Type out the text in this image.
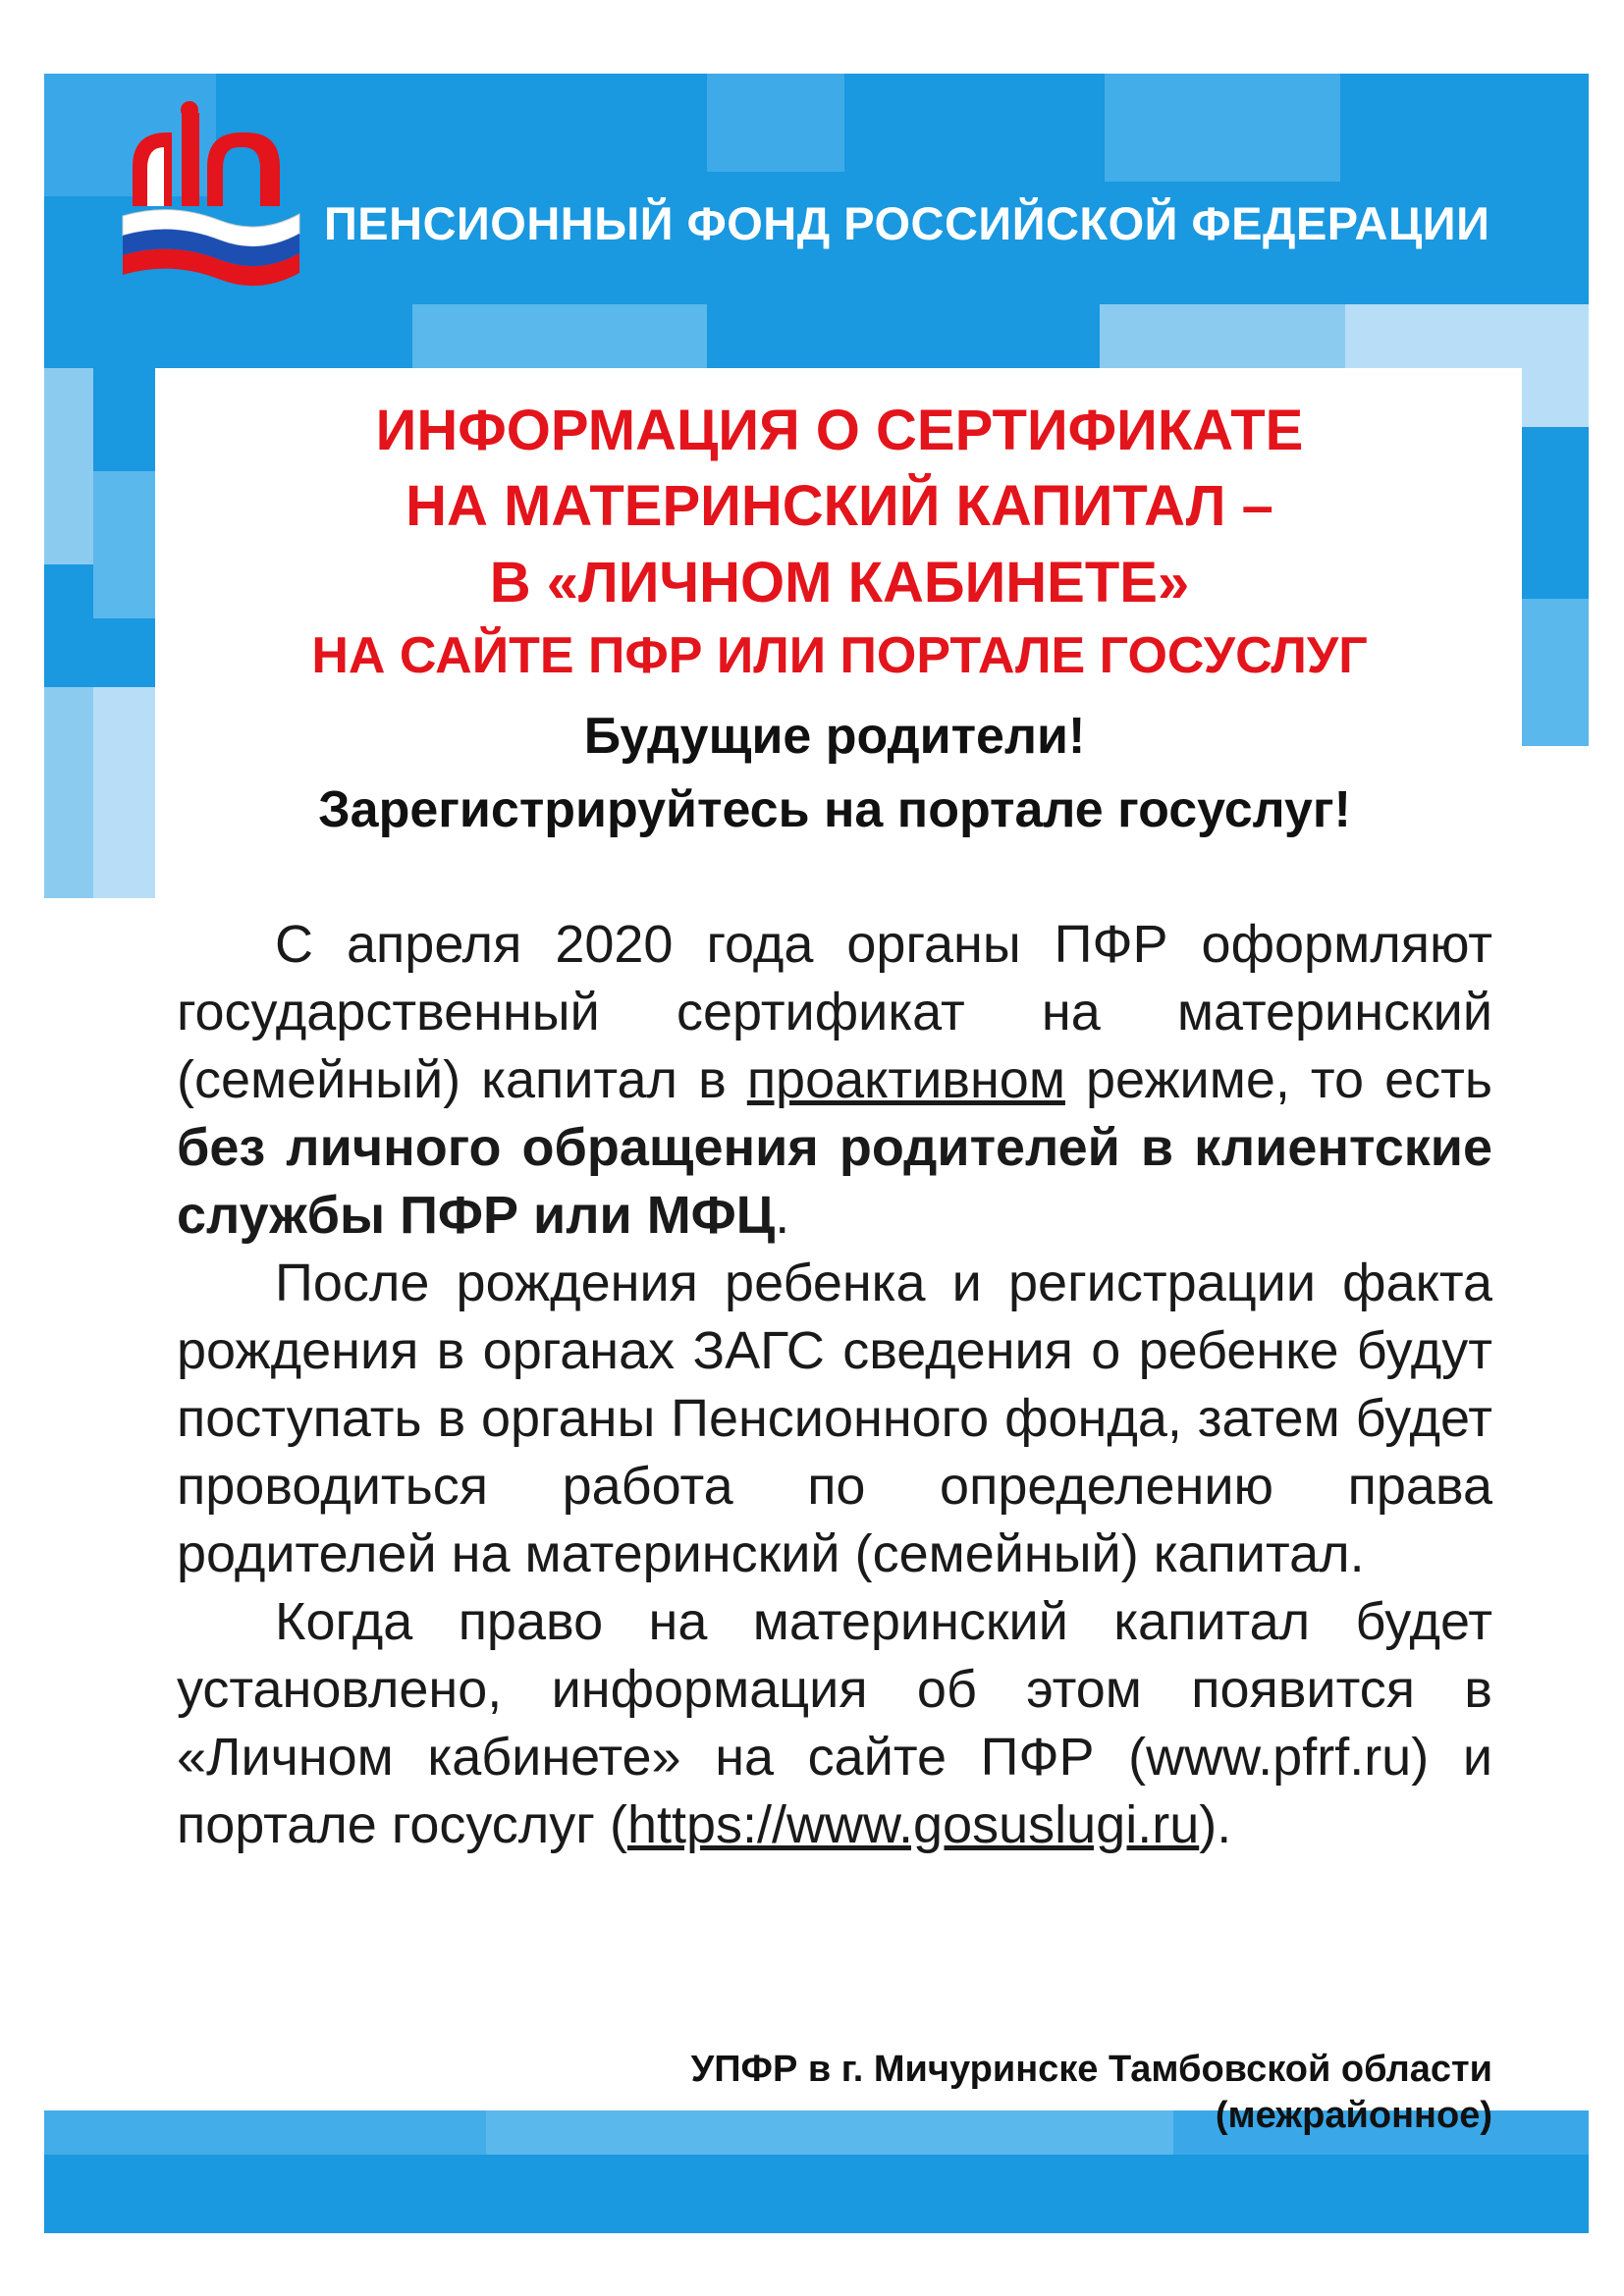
ПЕНСИОННЫЙ ФОНД РОССИЙСКОЙ ФЕДЕРАЦИИ
ИНФОРМАЦИЯ О СЕРТИФИКАТЕ
НА МАТЕРИНСКИЙ КАПИТАЛ –
В «ЛИЧНОМ КАБИНЕТЕ»
НА САЙТЕ ПФР ИЛИ ПОРТАЛЕ ГОСУСЛУГ
Будущие родители!
Зарегистрируйтесь на портале госуслуг!

С апреля 2020 года органы ПФР оформляют государственный сертификат на материнский (семейный) капитал в проактивном режиме, то есть без личного обращения родителей в клиентские службы ПФР или МФЦ.

После рождения ребенка и регистрации факта рождения в органах ЗАГС сведения о ребенке будут поступать в органы Пенсионного фонда, затем будет проводиться работа по определению права родителей на материнский (семейный) капитал.

Когда право на материнский капитал будет установлено, информация об этом появится в «Личном кабинете» на сайте ПФР (www.pfrf.ru) и портале госуслуг (https://www.gosuslugi.ru).

УПФР в г. Мичуринске Тамбовской области
(межрайонное)
